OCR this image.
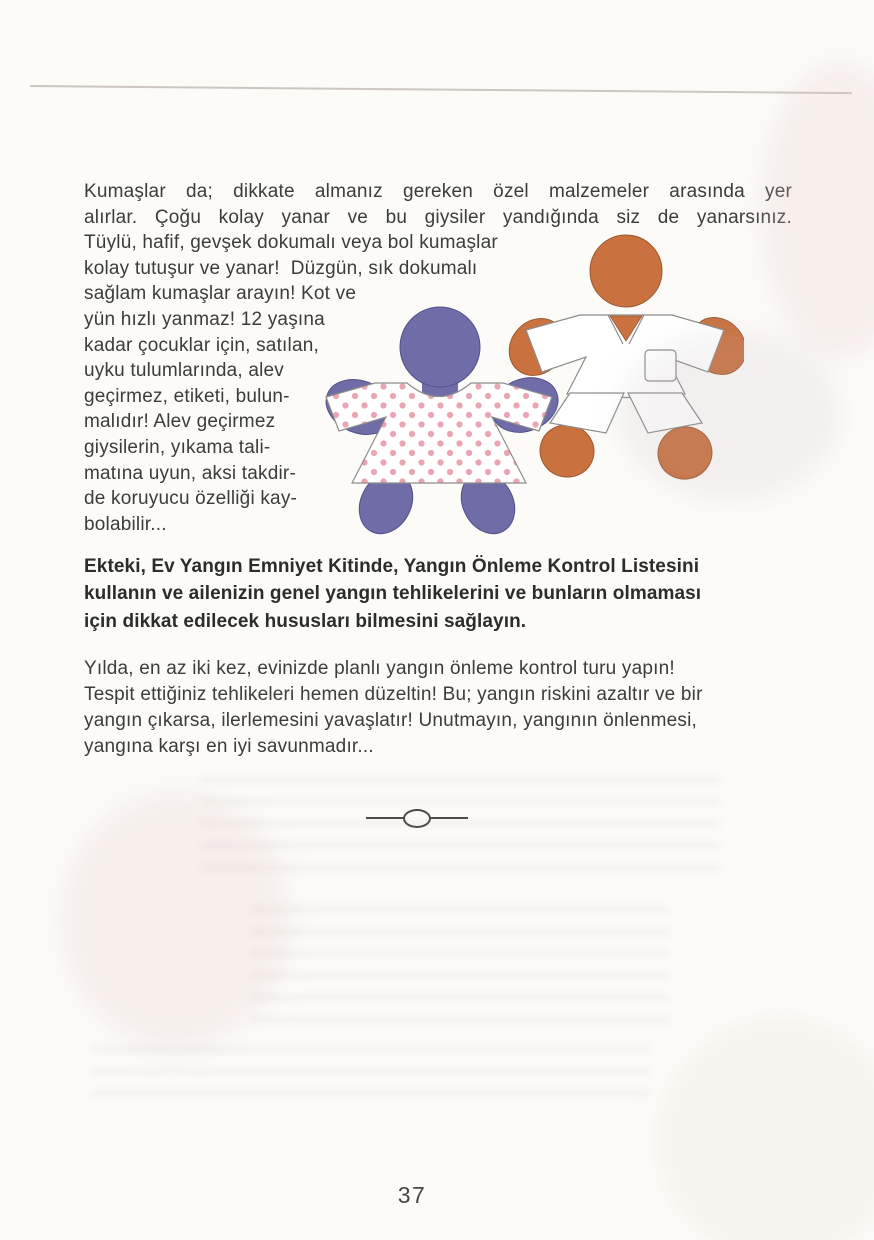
Kumaşlar da; dikkate almanız gereken özel malzemeler arasında yer
alırlar. Çoğu kolay yanar ve bu giysiler yandığında siz de yanarsınız.
Tüylü, hafif, gevşek dokumalı veya bol kumaşlar
kolay tutuşur ve yanar!  Düzgün, sık dokumalı
sağlam kumaşlar arayın! Kot ve
yün hızlı yanmaz! 12 yaşına
kadar çocuklar için, satılan,
uyku tulumlarında, alev
geçirmez, etiketi, bulun-
malıdır! Alev geçirmez
giysilerin, yıkama tali-
matına uyun, aksi takdir-
de koruyucu özelliği kay-
bolabilir...
Ekteki, Ev Yangın Emniyet Kitinde, Yangın Önleme Kontrol Listesini
kullanın ve ailenizin genel yangın tehlikelerini ve bunların olmaması
için dikkat edilecek hususları bilmesini sağlayın.
Yılda, en az iki kez, evinizde planlı yangın önleme kontrol turu yapın!
Tespit ettiğiniz tehlikeleri hemen düzeltin! Bu; yangın riskini azaltır ve bir
yangın çıkarsa, ilerlemesini yavaşlatır! Unutmayın, yangının önlenmesi,
yangına karşı en iyi savunmadır...
37
